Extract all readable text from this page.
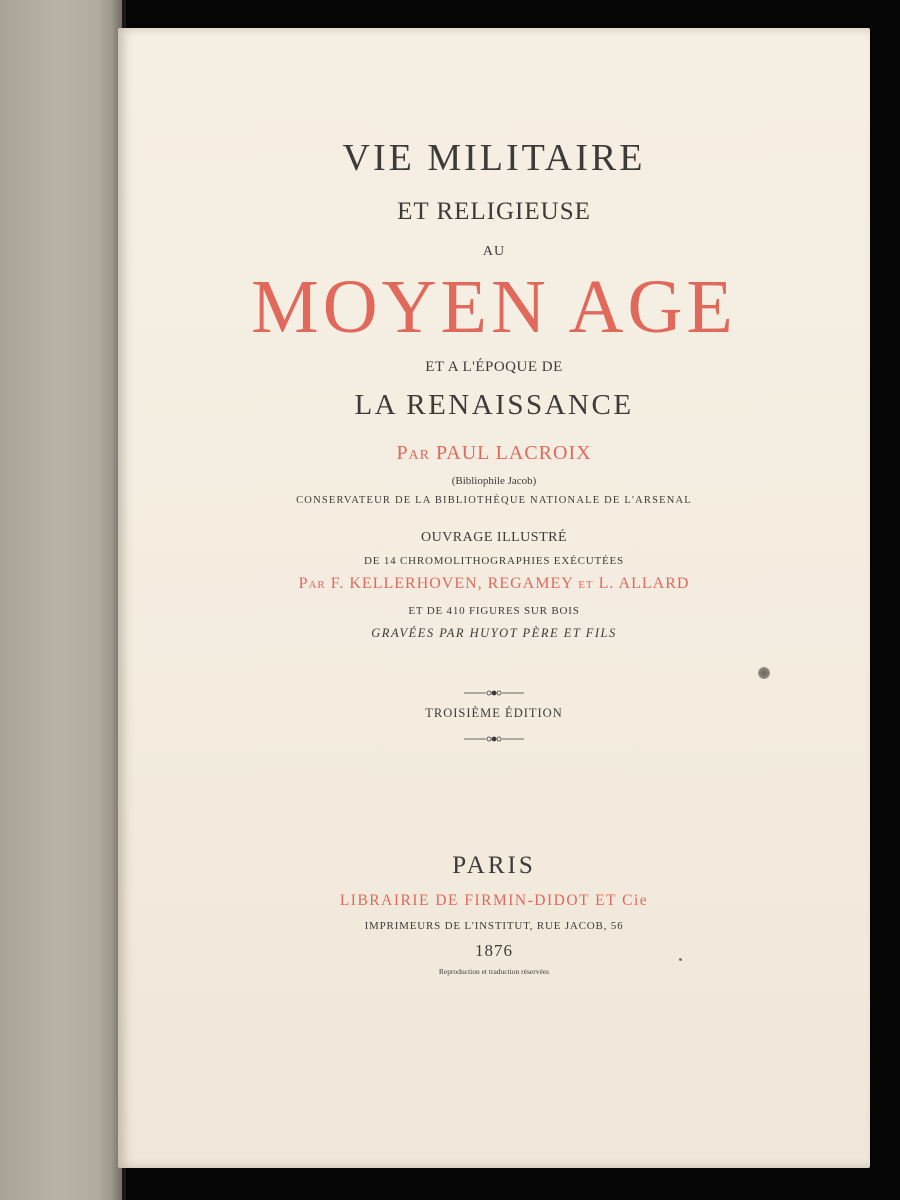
VIE MILITAIRE

ET RELIGIEUSE

AU

MOYEN AGE

ET A L'ÉPOQUE DE

LA RENAISSANCE

Par PAUL LACROIX

(Bibliophile Jacob)

CONSERVATEUR DE LA BIBLIOTHÈQUE NATIONALE DE L'ARSENAL

OUVRAGE ILLUSTRÉ

DE 14 CHROMOLITHOGRAPHIES EXÉCUTÉES

Par F. KELLERHOVEN, REGAMEY et L. ALLARD

ET DE 410 FIGURES SUR BOIS

GRAVÉES PAR HUYOT PÈRE ET FILS

TROISIÈME ÉDITION

PARIS

LIBRAIRIE DE FIRMIN-DIDOT ET Cie

IMPRIMEURS DE L'INSTITUT, RUE JACOB, 56

1876

Reproduction et traduction réservées
